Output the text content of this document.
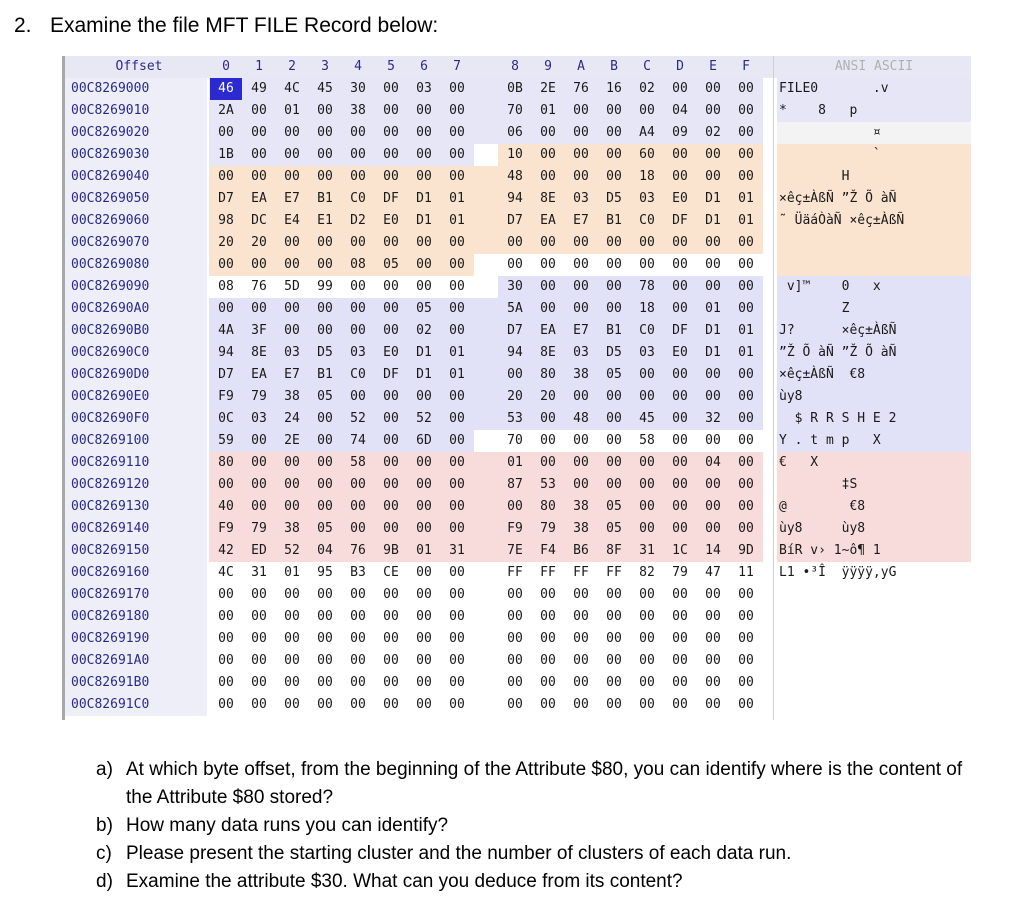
2. Examine the file MFT FILE Record below:
Offset	0	1	2	3	4	5	6	7	8	9	A	B	C	D	E	F	ANSI ASCII
00C8269000	46	49	4C	45	30	00	03	00	0B	2E	76	16	02	00	00	00	FILE0       .v
00C8269010	2A	00	01	00	38	00	00	00	70	01	00	00	00	04	00	00	*    8   p
00C8269020	00	00	00	00	00	00	00	00	06	00	00	00	A4	09	02	00	¤
00C8269030	1B	00	00	00	00	00	00	00	10	00	00	00	60	00	00	00	`
00C8269040	00	00	00	00	00	00	00	00	48	00	00	00	18	00	00	00	H
00C8269050	D7	EA	E7	B1	C0	DF	D1	01	94	8E	03	D5	03	E0	D1	01	×êç±ÀßÑ ”Ž Õ àÑ
00C8269060	98	DC	E4	E1	D2	E0	D1	01	D7	EA	E7	B1	C0	DF	D1	01	˜ ÜäáÒàÑ ×êç±ÀßÑ
00C8269070	20	20	00	00	00	00	00	00	00	00	00	00	00	00	00	00

00C8269080	00	00	00	00	08	05	00	00	00	00	00	00	00	00	00	00

00C8269090	08	76	5D	99	00	00	00	00	30	00	00	00	78	00	00	00	v]™    0   x
00C82690A0	00	00	00	00	00	00	05	00	5A	00	00	00	18	00	01	00	Z
00C82690B0	4A	3F	00	00	00	00	02	00	D7	EA	E7	B1	C0	DF	D1	01	J?      ×êç±ÀßÑ
00C82690C0	94	8E	03	D5	03	E0	D1	01	94	8E	03	D5	03	E0	D1	01	”Ž Õ àÑ ”Ž Õ àÑ
00C82690D0	D7	EA	E7	B1	C0	DF	D1	01	00	80	38	05	00	00	00	00	×êç±ÀßÑ  €8
00C82690E0	F9	79	38	05	00	00	00	00	20	20	00	00	00	00	00	00	ùy8
00C82690F0	0C	03	24	00	52	00	52	00	53	00	48	00	45	00	32	00	$ R R S H E 2
00C8269100	59	00	2E	00	74	00	6D	00	70	00	00	00	58	00	00	00	Y . t m p   X
00C8269110	80	00	00	00	58	00	00	00	01	00	00	00	00	00	04	00	€   X
00C8269120	00	00	00	00	00	00	00	00	87	53	00	00	00	00	00	00	‡S
00C8269130	40	00	00	00	00	00	00	00	00	80	38	05	00	00	00	00	@        €8
00C8269140	F9	79	38	05	00	00	00	00	F9	79	38	05	00	00	00	00	ùy8     ùy8
00C8269150	42	ED	52	04	76	9B	01	31	7E	F4	B6	8F	31	1C	14	9D	BíR v› 1~ô¶ 1
00C8269160	4C	31	01	95	B3	CE	00	00	FF	FF	FF	FF	82	79	47	11	L1 •³Î  ÿÿÿÿ‚yG
00C8269170	00	00	00	00	00	00	00	00	00	00	00	00	00	00	00	00
00C8269180	00	00	00	00	00	00	00	00	00	00	00	00	00	00	00	00
00C8269190	00	00	00	00	00	00	00	00	00	00	00	00	00	00	00	00
00C82691A0	00	00	00	00	00	00	00	00	00	00	00	00	00	00	00	00
00C82691B0	00	00	00	00	00	00	00	00	00	00	00	00	00	00	00	00
00C82691C0	00	00	00	00	00	00	00	00	00	00	00	00	00	00	00	00
a) At which byte offset, from the beginning of the Attribute $80, you can identify where is the content of the Attribute $80 stored?
b) How many data runs you can identify?
c) Please present the starting cluster and the number of clusters of each data run.
d) Examine the attribute $30. What can you deduce from its content?
